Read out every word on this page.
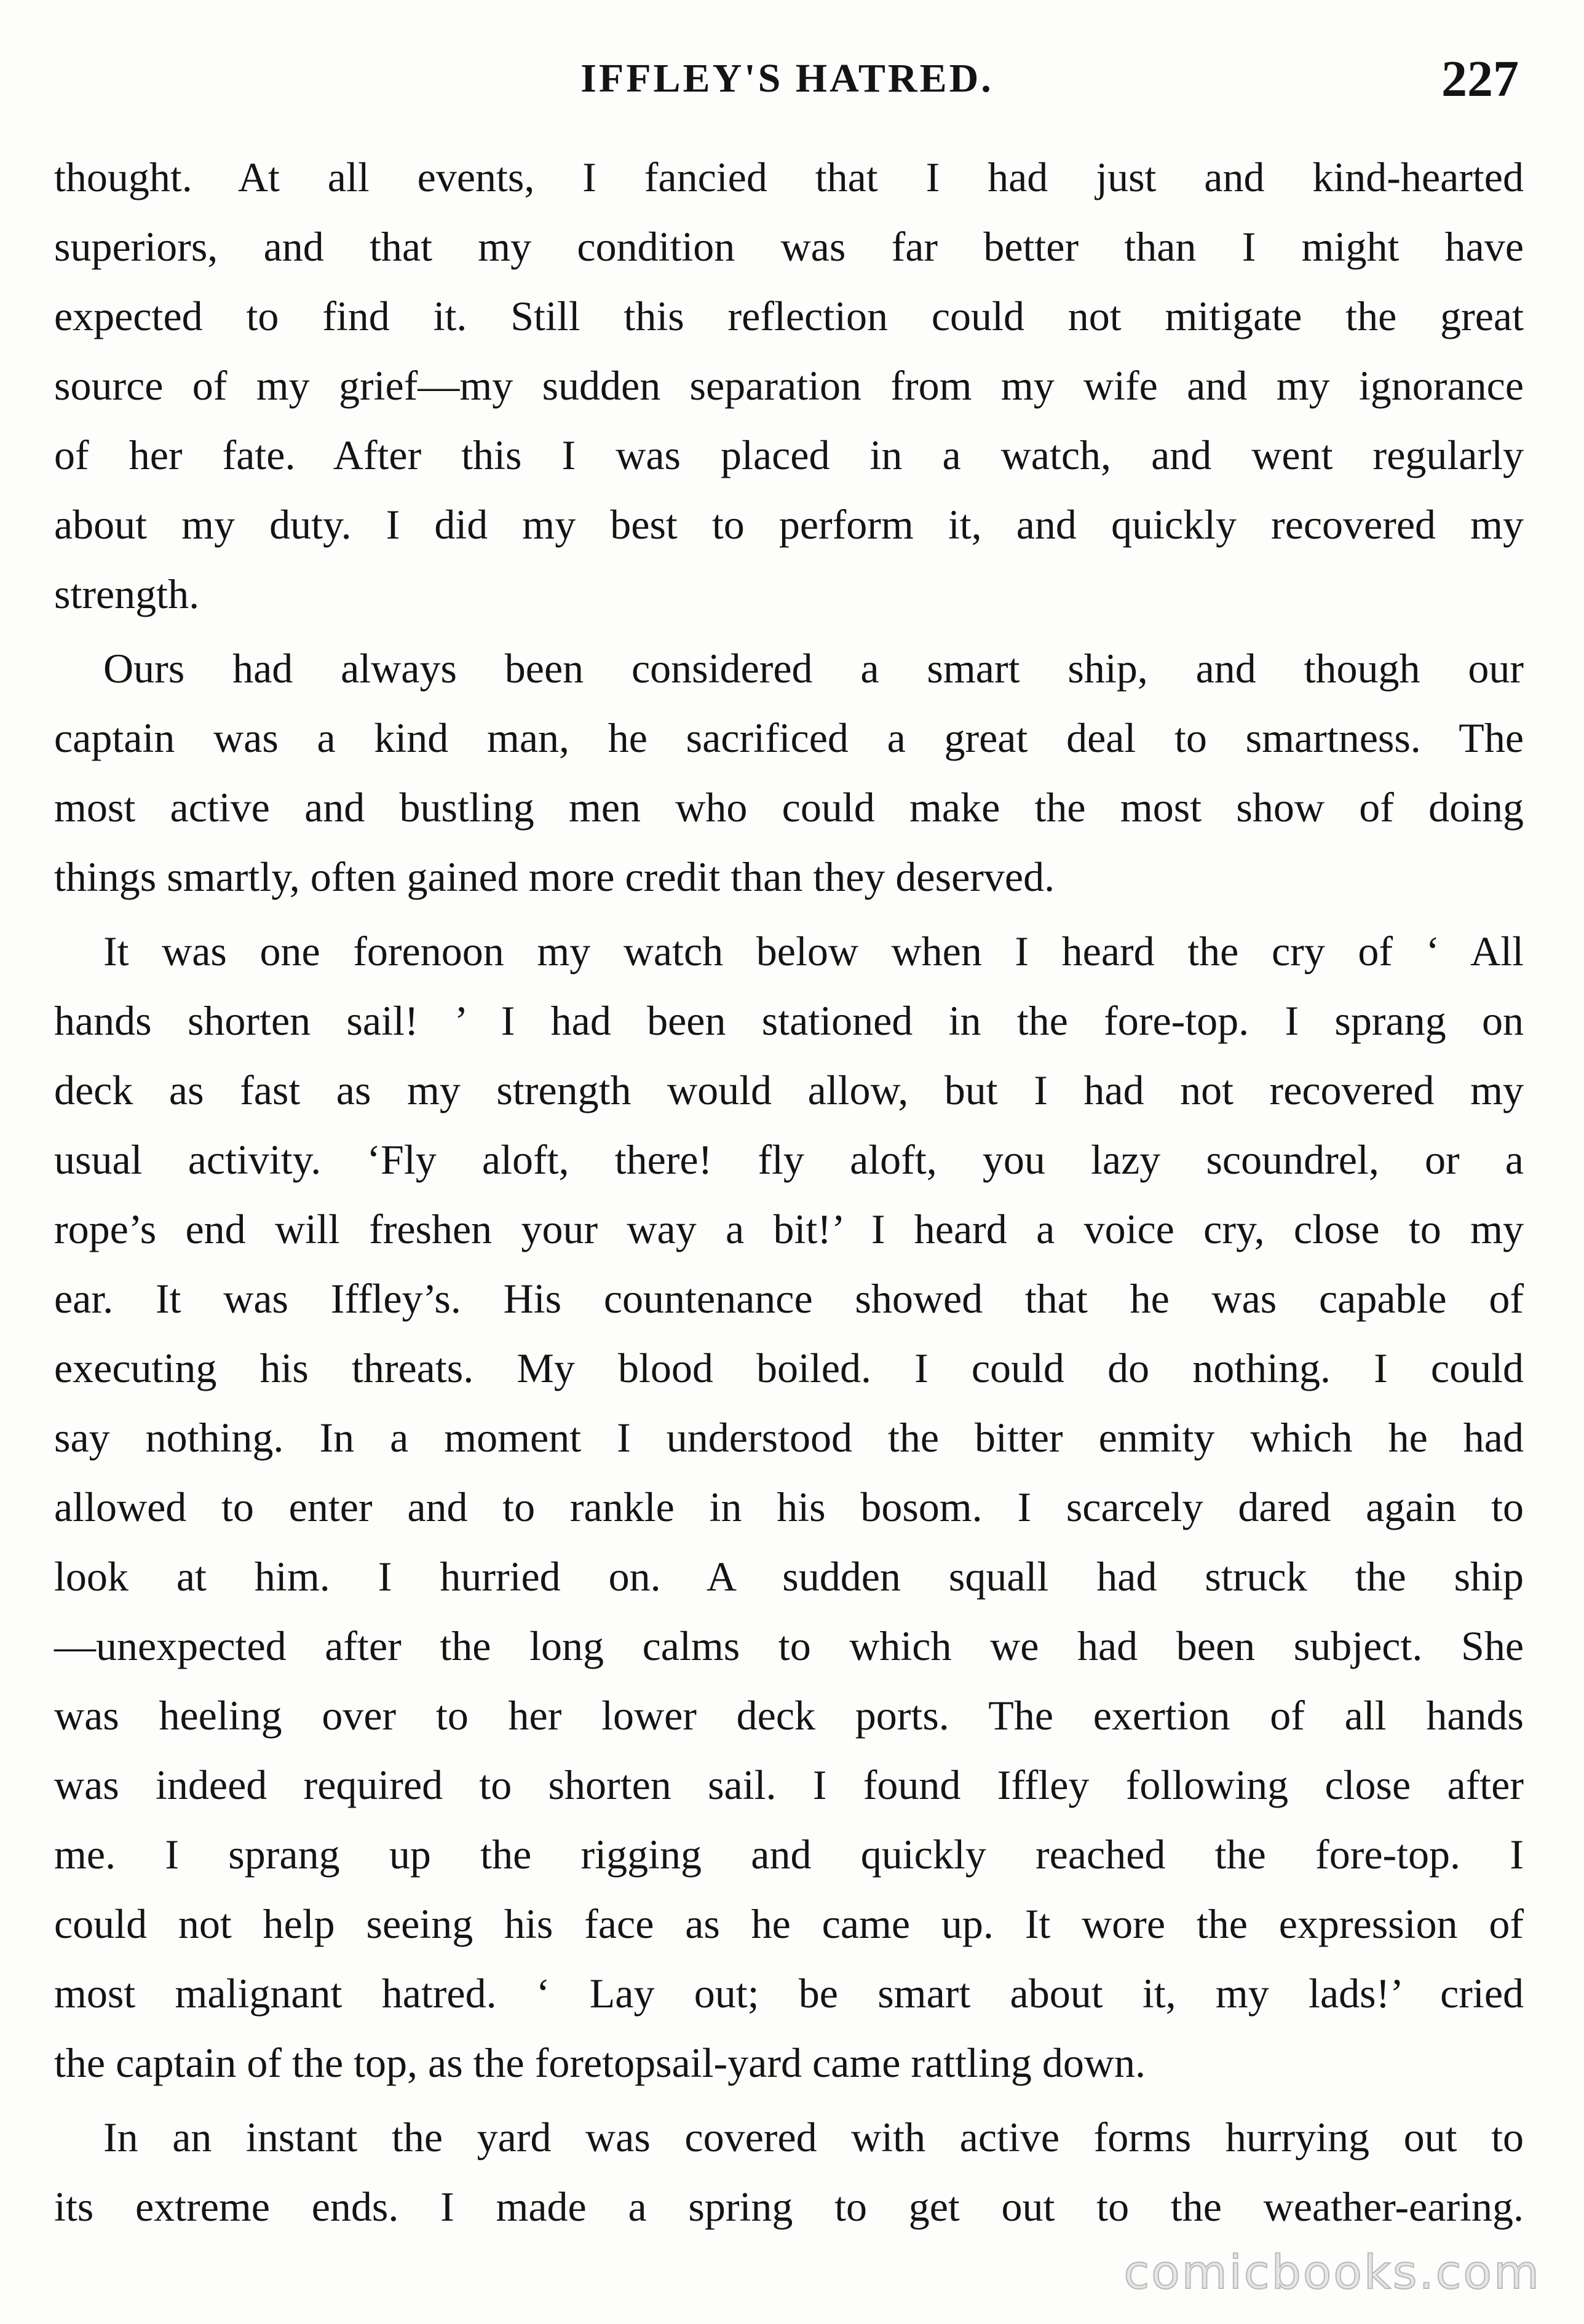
IFFLEY'S HATRED.	227
thought. At all events, I fancied that I had just and kind-hearted
superiors, and that my condition was far better than I might have
expected to find it. Still this reflection could not mitigate the great
source of my grief—my sudden separation from my wife and my ignorance
of her fate. After this I was placed in a watch, and went regularly
about my duty. I did my best to perform it, and quickly recovered my
strength.
Ours had always been considered a smart ship, and though our
captain was a kind man, he sacrificed a great deal to smartness. The
most active and bustling men who could make the most show of doing
things smartly, often gained more credit than they deserved.
It was one forenoon my watch below when I heard the cry of ‘ All
hands shorten sail! ’ I had been stationed in the fore-top. I sprang on
deck as fast as my strength would allow, but I had not recovered my
usual activity. ‘Fly aloft, there! fly aloft, you lazy scoundrel, or a
rope’s end will freshen your way a bit!’ I heard a voice cry, close to my
ear. It was Iffley’s. His countenance showed that he was capable of
executing his threats. My blood boiled. I could do nothing. I could
say nothing. In a moment I understood the bitter enmity which he had
allowed to enter and to rankle in his bosom. I scarcely dared again to
look at him. I hurried on. A sudden squall had struck the ship
—unexpected after the long calms to which we had been subject. She
was heeling over to her lower deck ports. The exertion of all hands
was indeed required to shorten sail. I found Iffley following close after
me. I sprang up the rigging and quickly reached the fore-top. I
could not help seeing his face as he came up. It wore the expression of
most malignant hatred. ‘ Lay out; be smart about it, my lads!’ cried
the captain of the top, as the foretopsail-yard came rattling down.
In an instant the yard was covered with active forms hurrying out to
its extreme ends. I made a spring to get out to the weather-earing.
comicbooks.com
